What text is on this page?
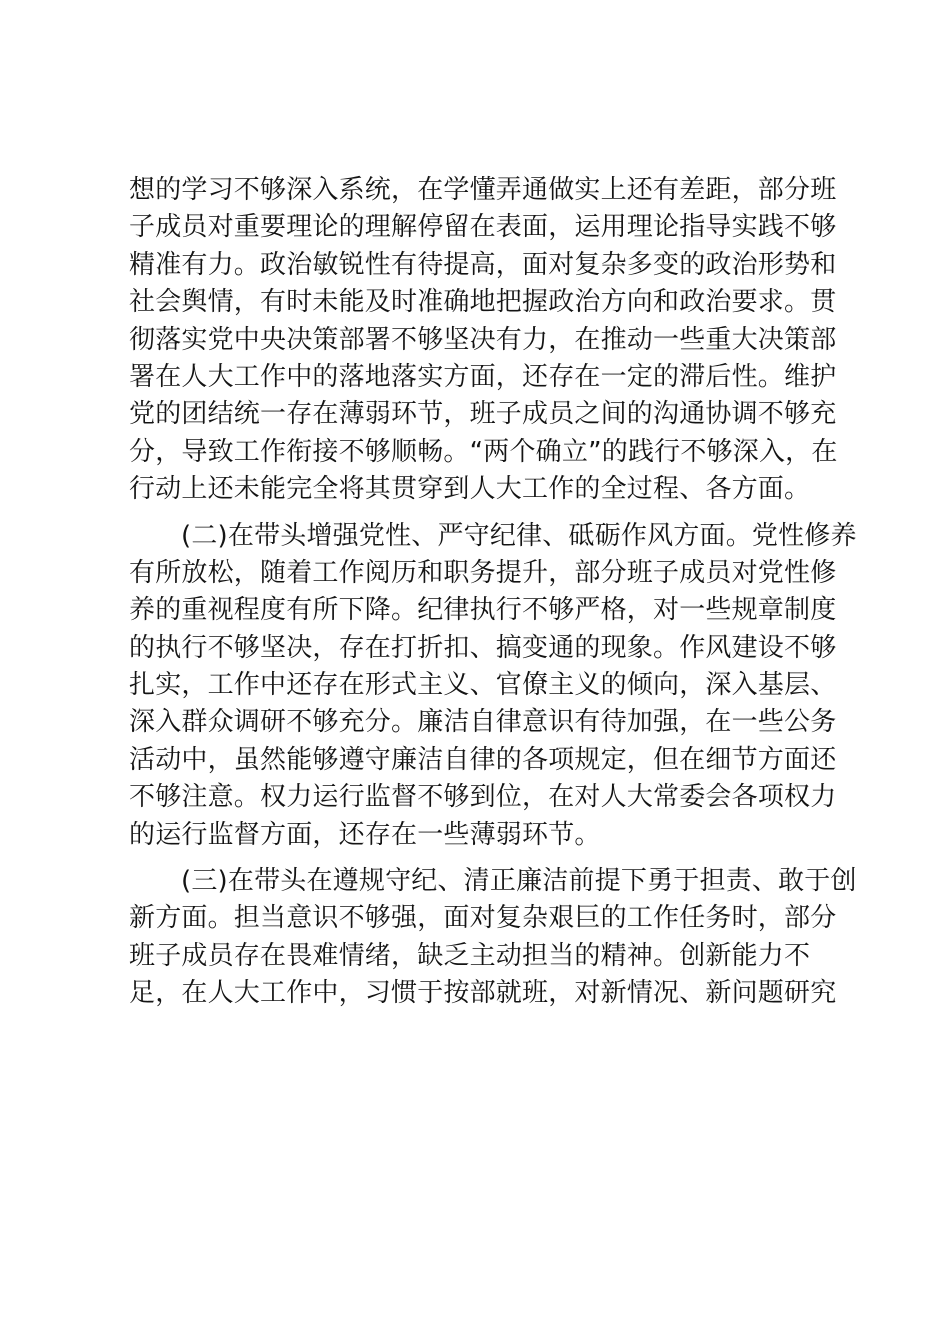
想的学习不够深入系统，在学懂弄通做实上还有差距，部分班
子成员对重要理论的理解停留在表面，运用理论指导实践不够
精准有力。政治敏锐性有待提高，面对复杂多变的政治形势和
社会舆情，有时未能及时准确地把握政治方向和政治要求。贯
彻落实党中央决策部署不够坚决有力，在推动一些重大决策部
署在人大工作中的落地落实方面，还存在一定的滞后性。维护
党的团结统一存在薄弱环节，班子成员之间的沟通协调不够充
分，导致工作衔接不够顺畅。“两个确立”的践行不够深入，在
行动上还未能完全将其贯穿到人大工作的全过程、各方面。
(二)在带头增强党性、严守纪律、砥砺作风方面。党性修养
有所放松，随着工作阅历和职务提升，部分班子成员对党性修
养的重视程度有所下降。纪律执行不够严格，对一些规章制度
的执行不够坚决，存在打折扣、搞变通的现象。作风建设不够
扎实，工作中还存在形式主义、官僚主义的倾向，深入基层、
深入群众调研不够充分。廉洁自律意识有待加强，在一些公务
活动中，虽然能够遵守廉洁自律的各项规定，但在细节方面还
不够注意。权力运行监督不够到位，在对人大常委会各项权力
的运行监督方面，还存在一些薄弱环节。
(三)在带头在遵规守纪、清正廉洁前提下勇于担责、敢于创
新方面。担当意识不够强，面对复杂艰巨的工作任务时，部分
班子成员存在畏难情绪，缺乏主动担当的精神。创新能力不
足，在人大工作中，习惯于按部就班，对新情况、新问题研究
